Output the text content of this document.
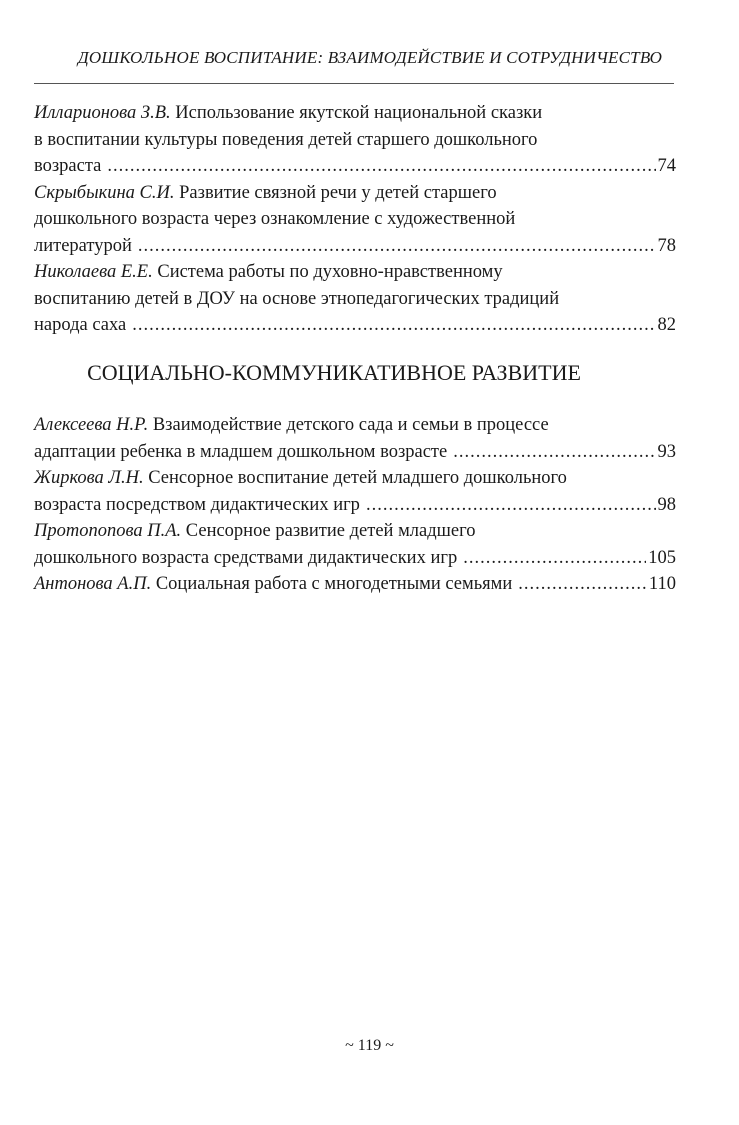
ДОШКОЛЬНОЕ ВОСПИТАНИЕ: ВЗАИМОДЕЙСТВИЕ И СОТРУДНИЧЕСТВО
Илларионова З.В. Использование якутской национальной сказки
в воспитании культуры поведения детей старшего дошкольного
возраста .....	74
Скрыбыкина С.И. Развитие связной речи у детей старшего
дошкольного возраста через ознакомление с художественной
литературой .....	78
Николаева Е.Е. Система работы по духовно-нравственному
воспитанию детей в ДОУ на основе этнопедагогических традиций
народа саха .....	82
СОЦИАЛЬНО-КОММУНИКАТИВНОЕ РАЗВИТИЕ
Алексеева Н.Р. Взаимодействие детского сада и семьи в процессе
адаптации ребенка в младшем дошкольном возрасте .....	93
Жиркова Л.Н. Сенсорное воспитание детей младшего дошкольного
возраста посредством дидактических игр .....	98
Протопопова П.А. Сенсорное развитие детей младшего
дошкольного возраста средствами дидактических игр .....	105
Антонова А.П. Социальная работа с многодетными семьями .....	110
~ 119 ~
